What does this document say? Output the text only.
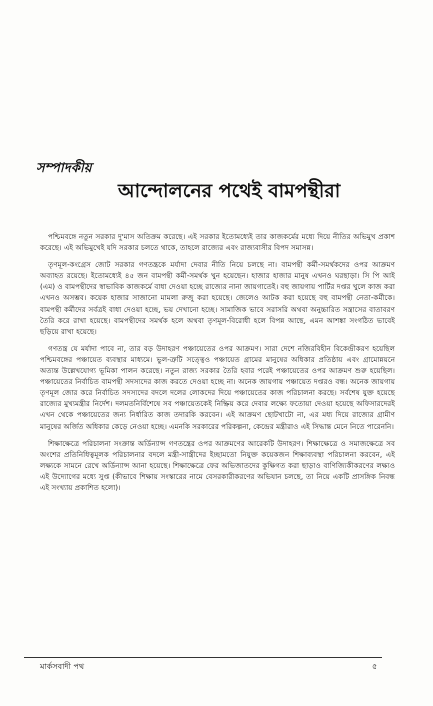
সম্পাদকীয়
আন্দোলনের পথেই বামপন্থীরা

পশ্চিমবঙ্গে নতুন সরকার দু'মাস অতিক্রম করেছে। এই সরকার ইতোমধ্যেই তার কাজকর্মের মধ্যে দিয়ে নীতির অভিমুখ প্রকাশ করেছে। এই অভিমুখেই যদি সরকার চলতে থাকে, তাহলে রাজ্যের এবং রাজ্যবাসীর বিপদ সমাসন্ন।

তৃণমূল-কংগ্রেস জোট সরকার গণতন্ত্রকে মর্যাদা দেবার নীতি নিয়ে চলছে না। বামপন্থী কর্মী-সমর্থকদের ওপর আক্রমণ অব্যাহত রয়েছে। ইতোমধ্যেই ৪৫ জন বামপন্থী কর্মী-সমর্থক খুন হয়েছেন। হাজার হাজার মানুষ এখনও ঘরছাড়া। সি পি আই (এম) ও বামপন্থীদের স্বাভাবিক কাজকর্মে বাধা দেওয়া হচ্ছে রাজ্যের নানা জায়গাতেই। বহু জায়গায় পার্টির দপ্তর খুলে কাজ করা এখনও অসম্ভব। কয়েক হাজার সাজানো মামলা রুজু করা হয়েছে। জেলেও আটক করা হয়েছে বহু বামপন্থী নেতা-কর্মীকে। বামপন্থী কর্মীদের সর্বত্রই বাধা দেওয়া হচ্ছে, ভয় দেখানো হচ্ছে। সামাজিক ভাবে সরাসরি অথবা অনুচ্চারিত সন্ত্রাসের বাতাবরণ তৈরি করে রাখা হয়েছে। বামপন্থীদের সমর্থক হলে অথবা তৃণমূল-বিরোধী হলে বিপন্ন আছে, এমন আশঙ্কা সংগঠিত ভাবেই ছড়িয়ে রাখা হয়েছে।

গণতন্ত্র যে মর্যাদা পাবে না, তার বড় উদাহরণ পঞ্চায়েতের ওপর আক্রমণ। সারা দেশে নজিরবিহীন বিকেন্দ্রীকরণ হয়েছিল পশ্চিমবঙ্গের পঞ্চায়েত ব্যবস্থার মাধ্যমে। ভুল-ত্রুটি সত্ত্বেও পঞ্চায়েত গ্রামের মানুষের অধিকার প্রতিষ্ঠায় এবং গ্রামোন্নয়নে অত্যন্ত উল্লেখযোগ্য ভূমিকা পালন করেছে। নতুন রাজ্য সরকার তৈরি হবার পরেই পঞ্চায়েতের ওপর আক্রমণ শুরু হয়েছিল। পঞ্চায়েতের নির্বাচিত বামপন্থী সদস্যদের কাজ করতে দেওয়া হচ্ছে না। অনেক জায়গায় পঞ্চায়েত দপ্তরও বন্ধ। অনেক জায়গায় তৃণমূল জোর করে নির্বাচিত সদস্যদের বদলে দলের লোকদের দিয়ে পঞ্চায়েতের কাজ পরিচালনা করছে। সর্বশেষ যুক্ত হয়েছে রাজ্যের মুখ্যমন্ত্রীর নির্দেশ। দলমতনির্বিশেষে সব পঞ্চায়েতকেই নিষ্ক্রিয় করে দেবার লক্ষ্যে ফতোয়া দেওয়া হয়েছে অফিসারদেরই এখন থেকে পঞ্চায়েতের জন্য নির্ধারিত কাজ তদারকি করবেন। এই আক্রমণ ছোটখাটো না, এর মধ্য দিয়ে রাজ্যের গ্রামীণ মানুষের অর্জিত অধিকার কেড়ে নেওয়া হচ্ছে। এমনকি সরকারের পরিকল্পনা, কেন্দ্রের মন্ত্রীরাও এই সিদ্ধান্ত মেনে নিতে পারেননি।

শিক্ষাক্ষেত্রে পরিচালনা সংক্রান্ত অর্ডিন্যান্স গণতন্ত্রের ওপর আক্রমণের আরেকটি উদাহরণ। শিক্ষাক্ষেত্রে ও সমাজক্ষেত্রে সব অংশের প্রতিনিধিত্বমূলক পরিচালনার বদলে মন্ত্রী-সান্ত্রীদের ইচ্ছামতো নিযুক্ত কয়েকজন শিক্ষাব্যবস্থা পরিচালনা করবেন, এই লক্ষ্যকে সামনে রেখে অর্ডিন্যান্স আনা হয়েছে। শিক্ষাক্ষেত্রে ফের অভিজাতদের কুক্ষিগত করা ছাড়াও বাণিজ্যিকীকরণের লক্ষ্যও এই উদ্যোগের মধ্যে সুপ্ত (কীভাবে শিক্ষায় সংস্কারের নামে বেসরকারীকরণের অভিযান চলছে, তা নিয়ে একটি প্রাসঙ্গিক নিবন্ধ এই সংখ্যায় প্রকাশিত হলো)।

মার্কসবাদী পথ	৫
